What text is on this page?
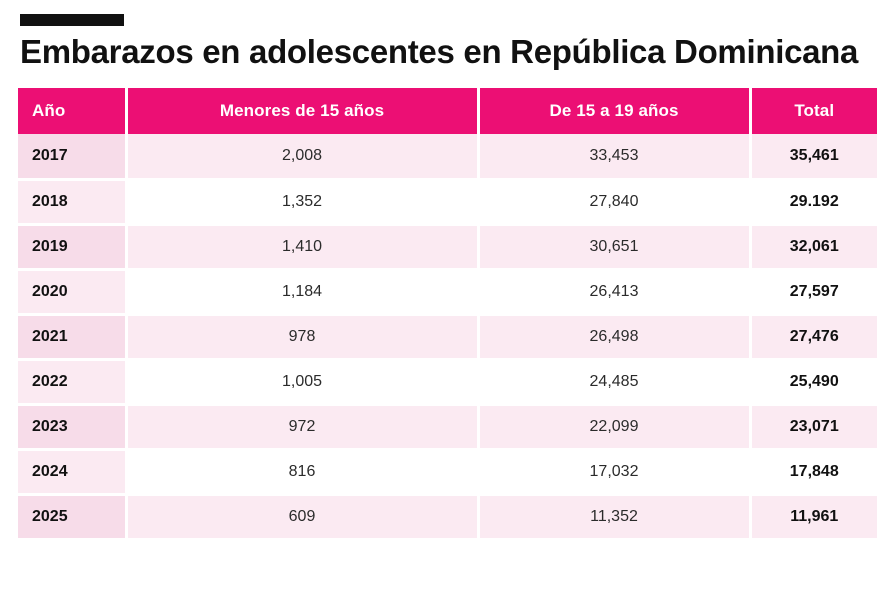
Embarazos en adolescentes en República Dominicana
Año	Menores de 15 años	De 15 a 19 años	Total
2017	2,008	33,453	35,461
2018	1,352	27,840	29.192
2019	1,410	30,651	32,061
2020	1,184	26,413	27,597
2021	978	26,498	27,476
2022	1,005	24,485	25,490
2023	972	22,099	23,071
2024	816	17,032	17,848
2025	609	11,352	11,961
